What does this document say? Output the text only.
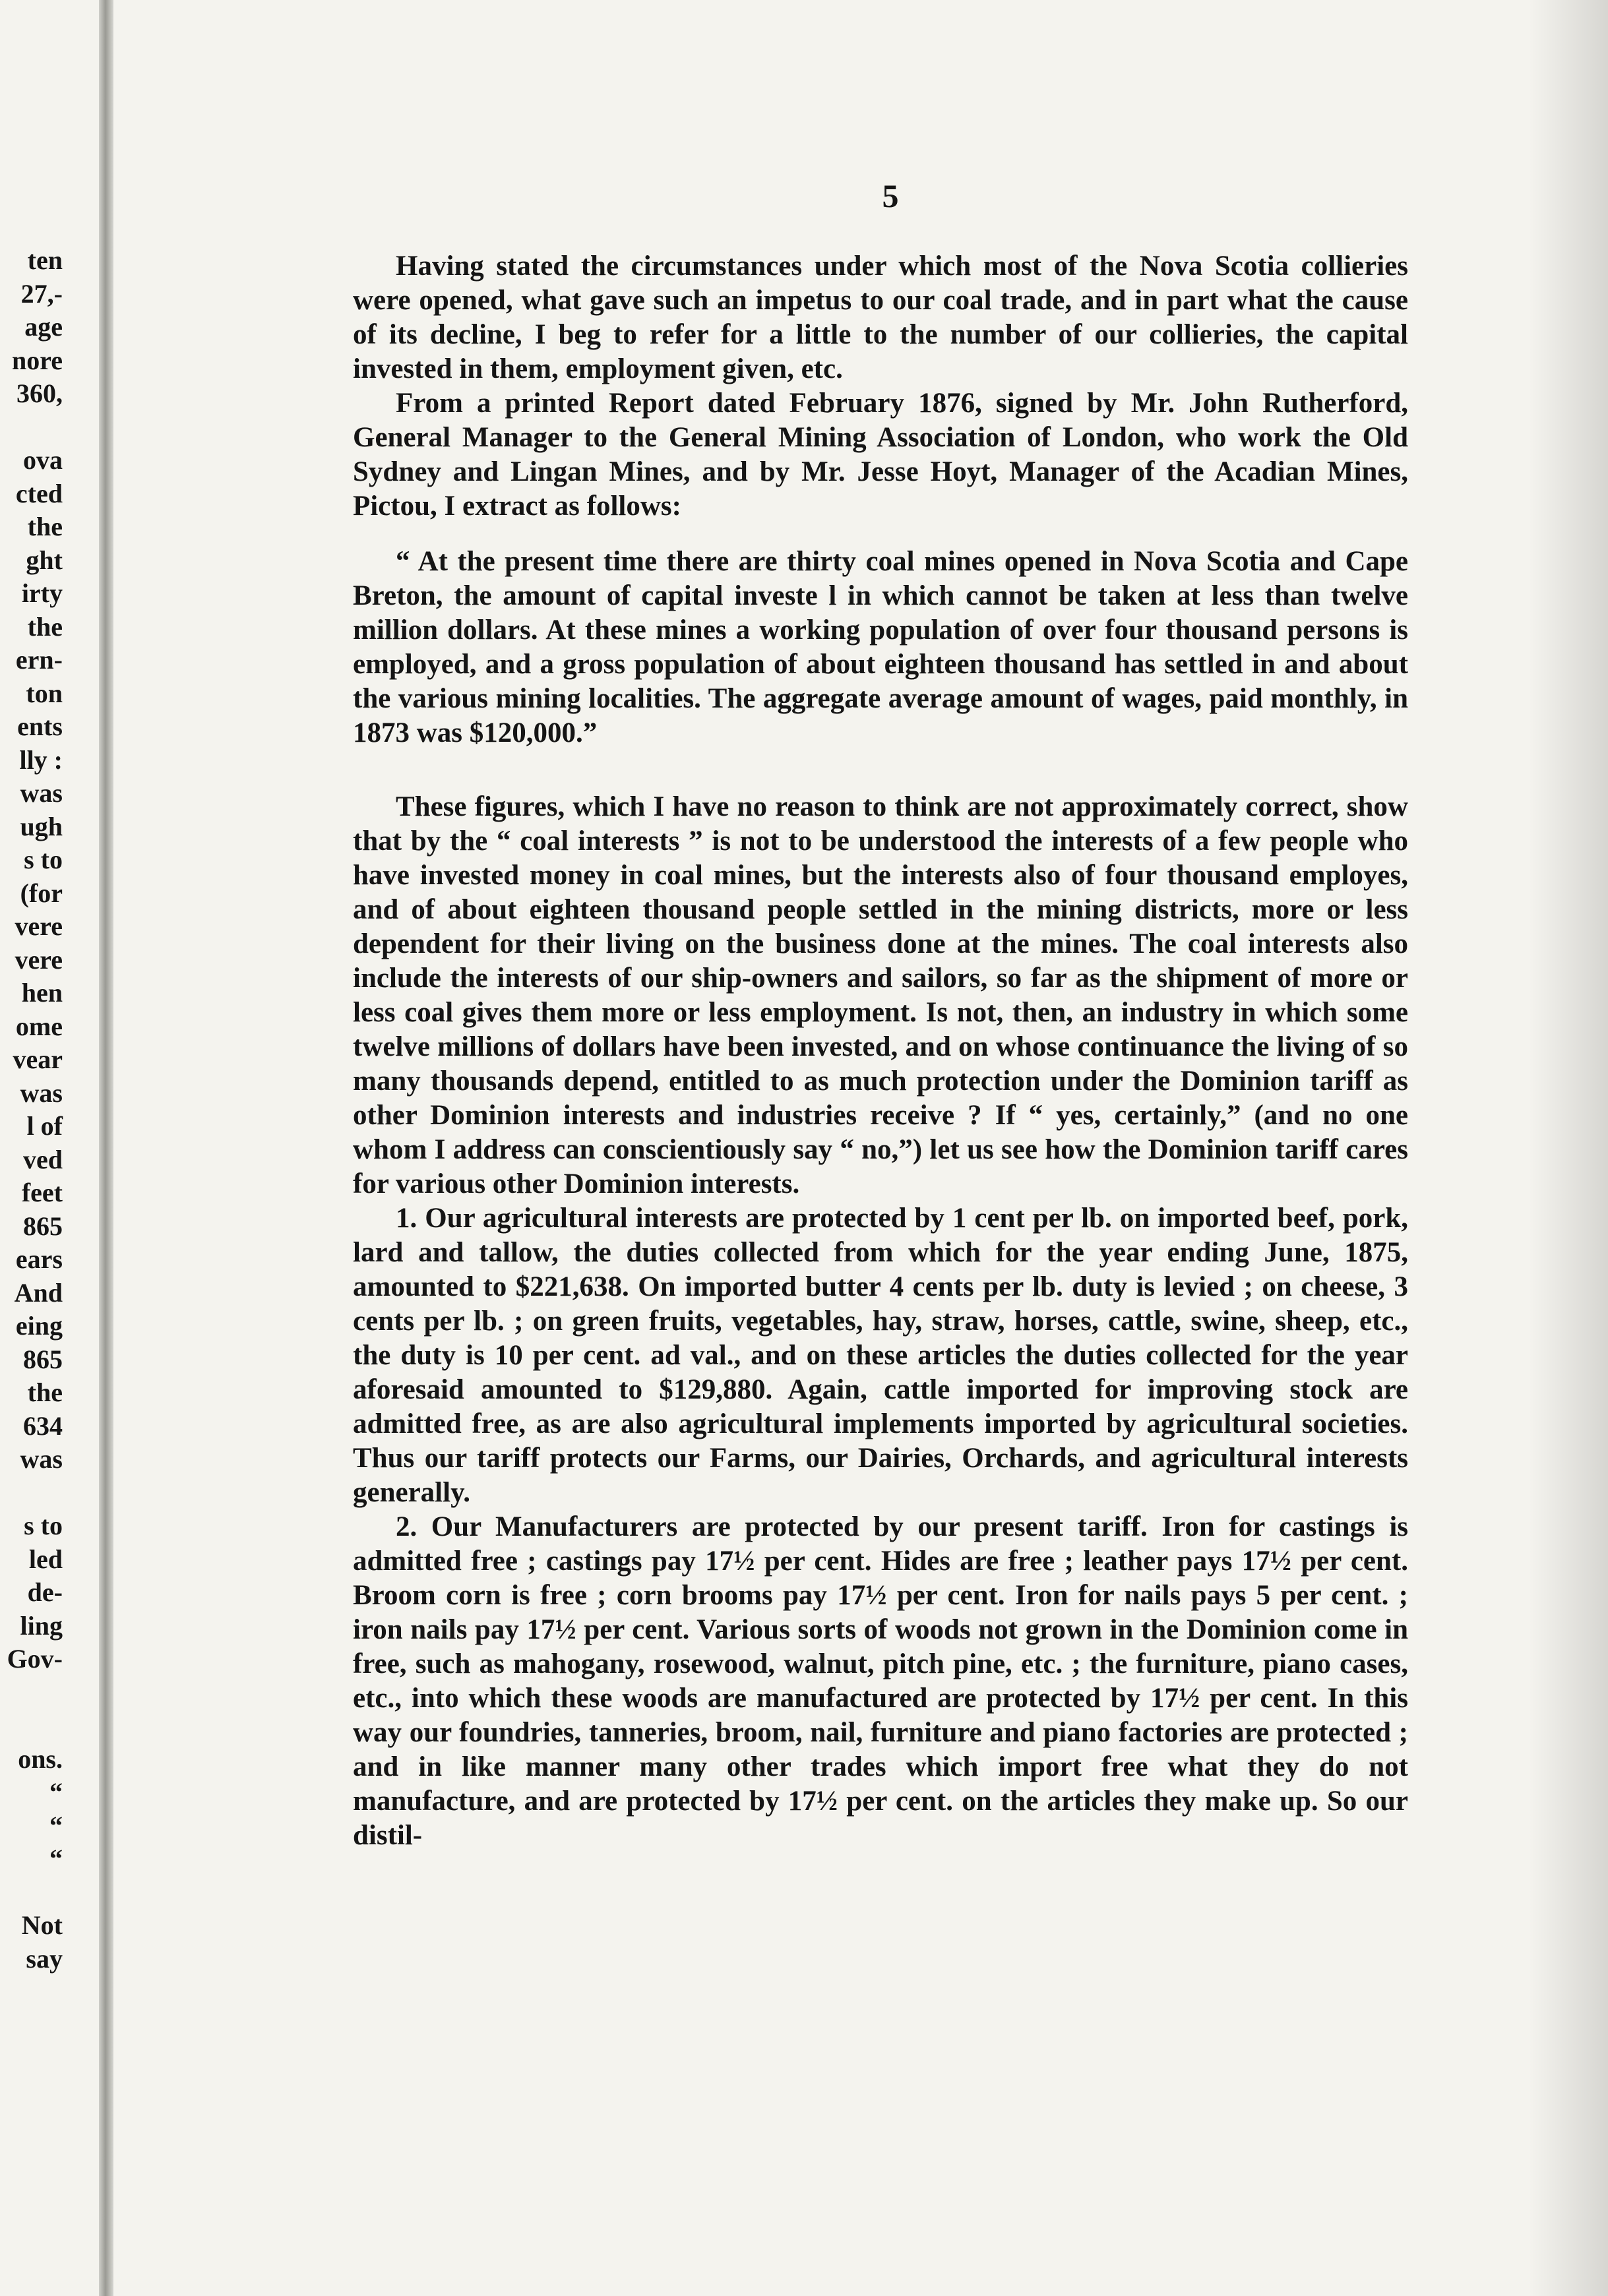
ten
27,-
age
nore
360,
ova
cted
the
ght
irty
the
ern-
ton
ents
lly :
was
ugh
s to
(for
vere
vere
hen
ome
vear
was
l of
ved
feet
865
ears
And
eing
865
the
634
was
s to
led
de-
ling
Gov-
ons.
“
“
“
Not
say
5

Having stated the circumstances under which most of the Nova Scotia collieries were opened, what gave such an impetus to our coal trade, and in part what the cause of its decline, I beg to refer for a little to the number of our collieries, the capital invested in them, employment given, etc.

From a printed Report dated February 1876, signed by Mr. John Rutherford, General Manager to the General Mining Association of London, who work the Old Sydney and Lingan Mines, and by Mr. Jesse Hoyt, Manager of the Acadian Mines, Pictou, I extract as follows:

“ At the present time there are thirty coal mines opened in Nova Scotia and Cape Breton, the amount of capital investe l in which cannot be taken at less than twelve million dollars. At these mines a working population of over four thousand persons is employed, and a gross population of about eighteen thousand has settled in and about the various mining localities. The aggregate average amount of wages, paid monthly, in 1873 was $120,000.”

These figures, which I have no reason to think are not approximately correct, show that by the “ coal interests ” is not to be understood the interests of a few people who have invested money in coal mines, but the interests also of four thousand employes, and of about eighteen thousand people settled in the mining districts, more or less dependent for their living on the business done at the mines. The coal interests also include the interests of our ship-owners and sailors, so far as the shipment of more or less coal gives them more or less employment. Is not, then, an industry in which some twelve millions of dollars have been invested, and on whose continuance the living of so many thousands depend, entitled to as much protection under the Dominion tariff as other Dominion interests and industries receive ? If “ yes, certainly,” (and no one whom I address can conscientiously say “ no,”) let us see how the Dominion tariff cares for various other Dominion interests.

1. Our agricultural interests are protected by 1 cent per lb. on imported beef, pork, lard and tallow, the duties collected from which for the year ending June, 1875, amounted to $221,638. On imported butter 4 cents per lb. duty is levied ; on cheese, 3 cents per lb. ; on green fruits, vegetables, hay, straw, horses, cattle, swine, sheep, etc., the duty is 10 per cent. ad val., and on these articles the duties collected for the year aforesaid amounted to $129,880. Again, cattle imported for improving stock are admitted free, as are also agricultural implements imported by agricultural societies. Thus our tariff protects our Farms, our Dairies, Orchards, and agricultural interests generally.

2. Our Manufacturers are protected by our present tariff. Iron for castings is admitted free ; castings pay 17½ per cent. Hides are free ; leather pays 17½ per cent. Broom corn is free ; corn brooms pay 17½ per cent. Iron for nails pays 5 per cent. ; iron nails pay 17½ per cent. Various sorts of woods not grown in the Dominion come in free, such as mahogany, rosewood, walnut, pitch pine, etc. ; the furniture, piano cases, etc., into which these woods are manufactured are protected by 17½ per cent. In this way our foundries, tanneries, broom, nail, furniture and piano factories are protected ; and in like manner many other trades which import free what they do not manufacture, and are protected by 17½ per cent. on the articles they make up. So our distil-
